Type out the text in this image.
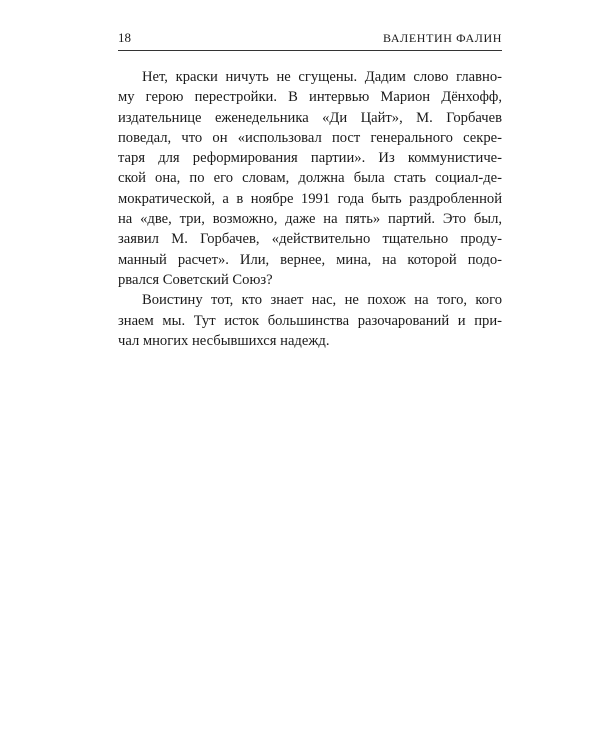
18	ВАЛЕНТИН ФАЛИН
Нет, краски ничуть не сгущены. Дадим слово главно-
му герою перестройки. В интервью Марион Дёнхофф,
издательнице еженедельника «Ди Цайт», М. Горбачев
поведал, что он «использовал пост генерального секре-
таря для реформирования партии». Из коммунистиче-
ской она, по его словам, должна была стать социал-де-
мократической, а в ноябре 1991 года быть раздробленной
на «две, три, возможно, даже на пять» партий. Это был,
заявил М. Горбачев, «действительно тщательно проду-
манный расчет». Или, вернее, мина, на которой подо-
рвался Советский Союз?
Воистину тот, кто знает нас, не похож на того, кого
знаем мы. Тут исток большинства разочарований и при-
чал многих несбывшихся надежд.
